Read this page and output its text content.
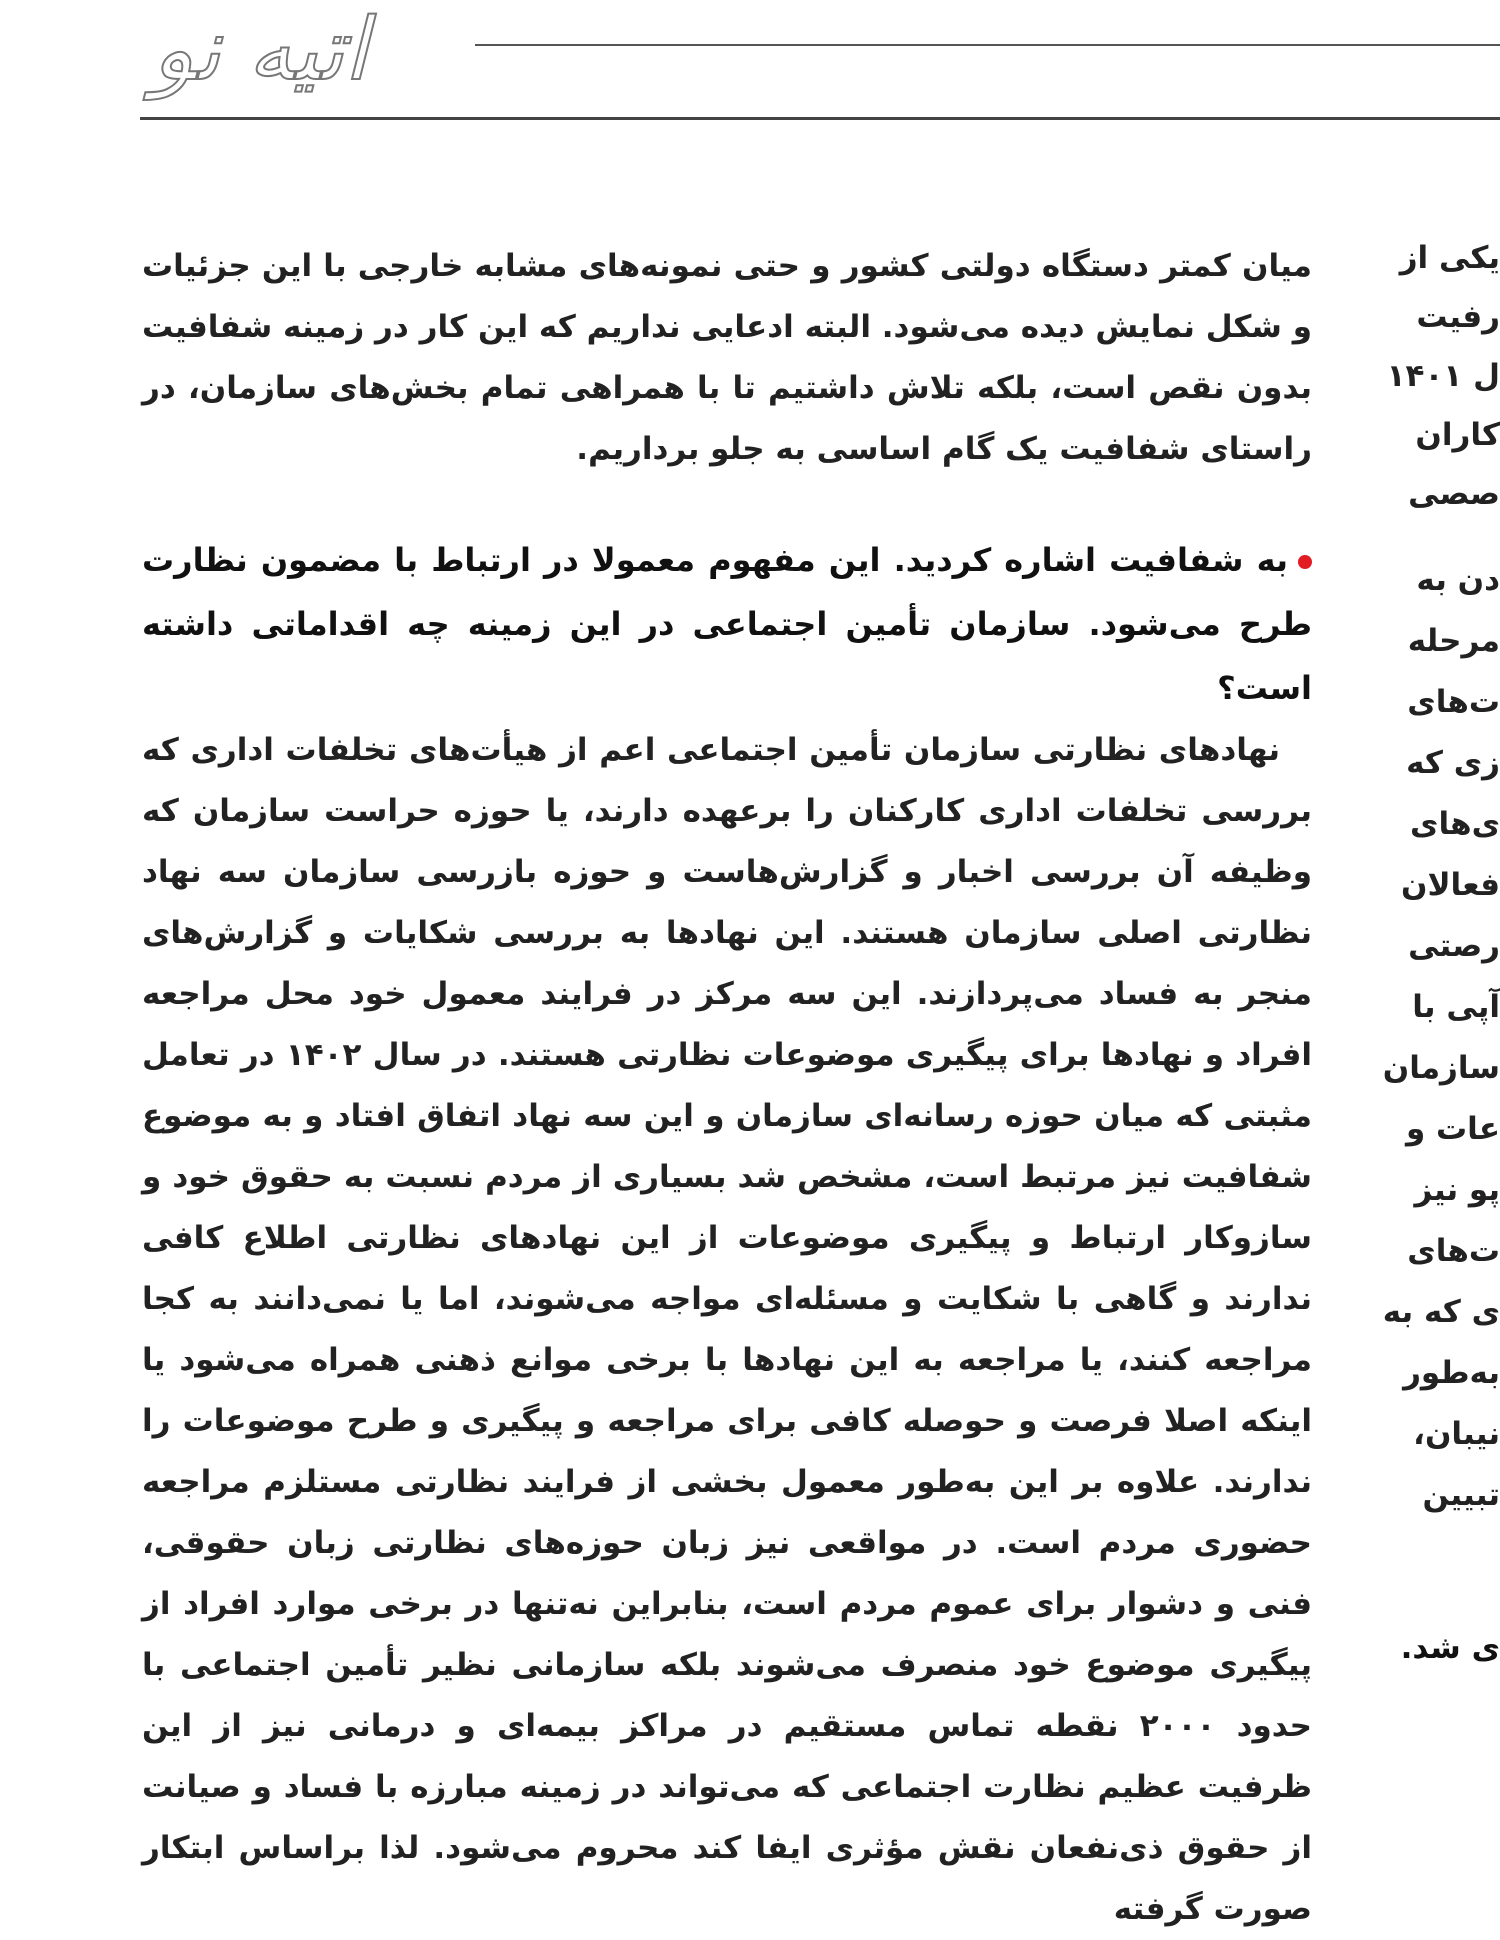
اتیه نو

میان کمتر دستگاه دولتی کشور و حتی نمونه‌های مشابه خارجی با این جزئیات و شکل نمایش دیده می‌شود. البته ادعایی نداریم که این کار در زمینه شفافیت بدون نقص است، بلکه تلاش داشتیم تا با همراهی تمام بخش‌های سازمان، در راستای شفافیت یک گام اساسی به جلو برداریم.

به شفافیت اشاره کردید. این مفهوم معمولا در ارتباط با مضمون نظارت طرح می‌شود. سازمان تأمین اجتماعی در این زمینه چه اقداماتی داشته است؟

نهادهای نظارتی سازمان تأمین اجتماعی اعم از هیأت‌های تخلفات اداری که بررسی تخلفات اداری کارکنان را برعهده دارند، یا حوزه حراست سازمان که وظیفه آن بررسی اخبار و گزارش‌هاست و حوزه بازرسی سازمان سه نهاد نظارتی اصلی سازمان هستند. این نهادها به بررسی شکایات و گزارش‌های منجر به فساد می‌پردازند. این سه مرکز در فرایند معمول خود محل مراجعه افراد و نهادها برای پیگیری موضوعات نظارتی هستند. در سال ۱۴۰۲ در تعامل مثبتی که میان حوزه رسانه‌ای سازمان و این سه نهاد اتفاق افتاد و به موضوع شفافیت نیز مرتبط است، مشخص شد بسیاری از مردم نسبت به حقوق خود و سازوکار ارتباط و پیگیری موضوعات از این نهادهای نظارتی اطلاع کافی ندارند و گاهی با شکایت و مسئله‌ای مواجه می‌شوند، اما یا نمی‌دانند به کجا مراجعه کنند، یا مراجعه به این نهادها با برخی موانع ذهنی همراه می‌شود یا اینکه اصلا فرصت و حوصله کافی برای مراجعه و پیگیری و طرح موضوعات را ندارند. علاوه بر این به‌طور معمول بخشی از فرایند نظارتی مستلزم مراجعه حضوری مردم است. در مواقعی نیز زبان حوزه‌های نظارتی زبان حقوقی، فنی و دشوار برای عموم مردم است، بنابراین نه‌تنها در برخی موارد افراد از پیگیری موضوع خود منصرف می‌شوند بلکه سازمانی نظیر تأمین اجتماعی با حدود ۲۰۰۰ نقطه تماس مستقیم در مراکز بیمه‌ای و درمانی نیز از این ظرفیت عظیم نظارت اجتماعی که می‌تواند در زمینه مبارزه با فساد و صیانت از حقوق ذی‌نفعان نقش مؤثری ایفا کند محروم می‌شود. لذا براساس ابتکار صورت گرفته

یکی از
رفیت
ل ۱۴۰۱
کاران
صصی
دن به
مرحله
ت‌های
زی که
ی‌های
فعالان
رصتی
آپی با
سازمان
عات و
پو نیز
ت‌های
ی که به
به‌طور
نیبان،
تبیین
ی شد.
